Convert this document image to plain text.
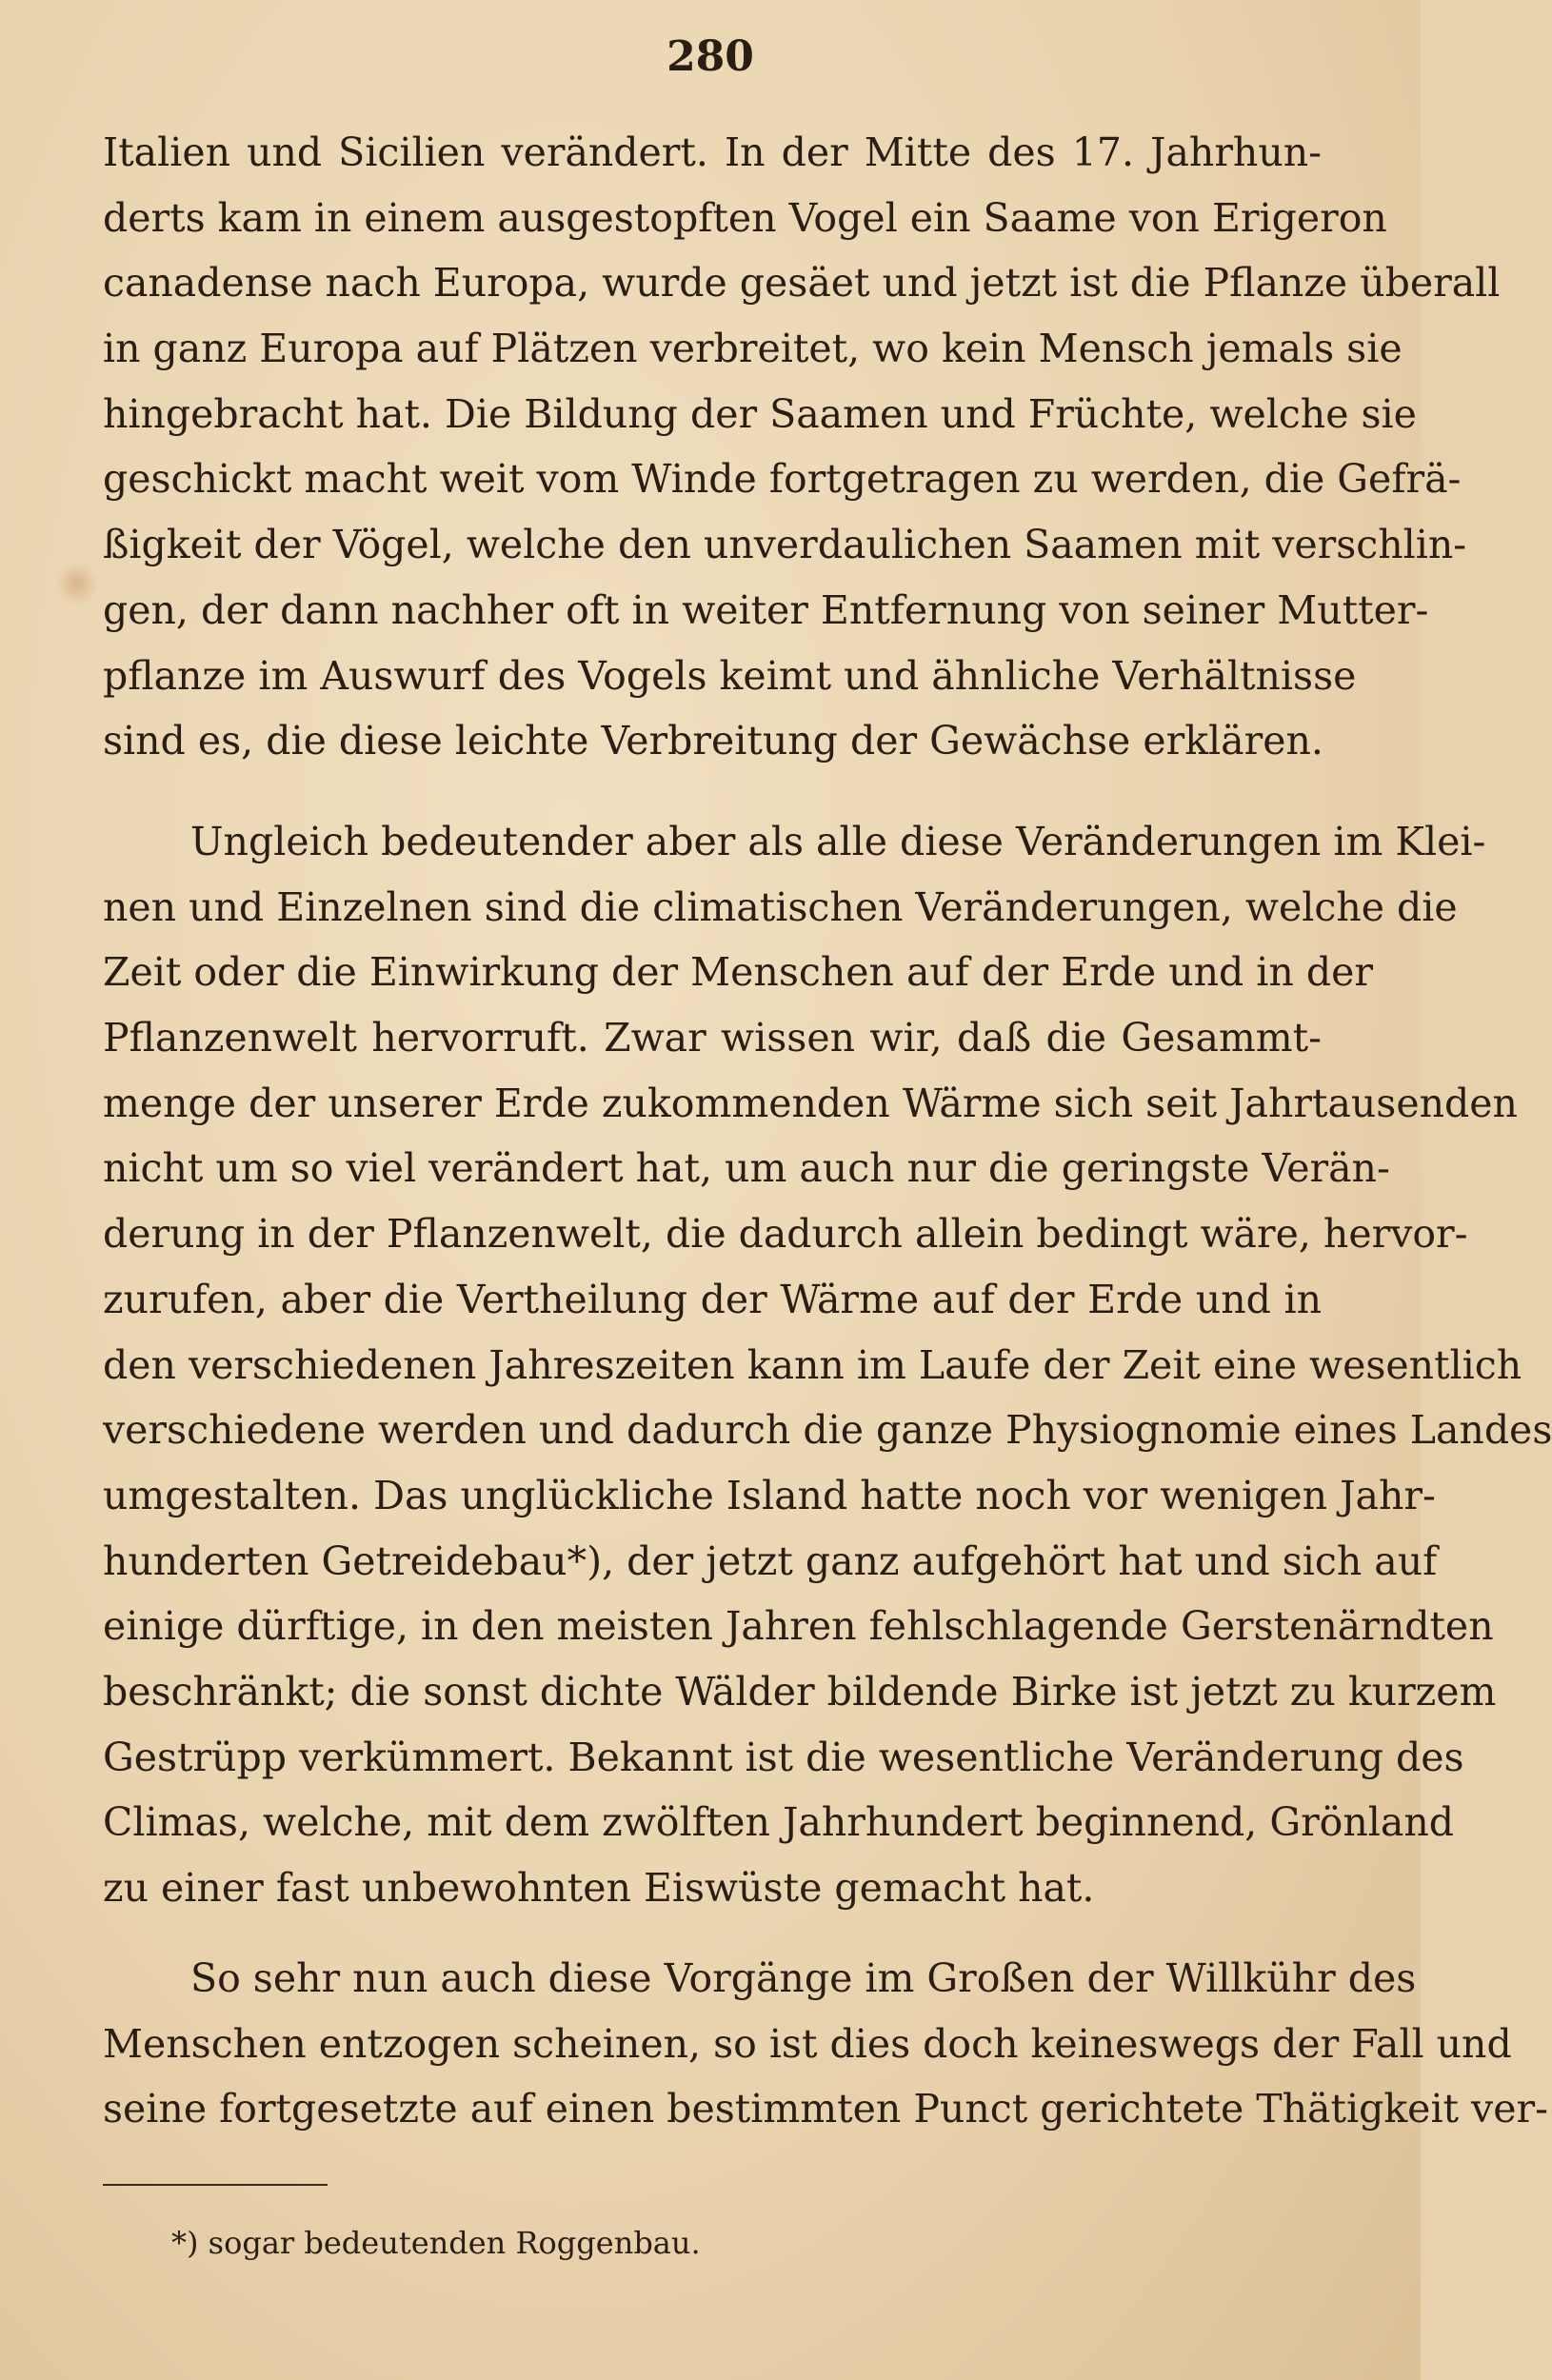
280
Italien und Sicilien verändert. In der Mitte des 17. Jahrhun-
derts kam in einem ausgestopften Vogel ein Saame von Erigeron
canadense nach Europa, wurde gesäet und jetzt ist die Pflanze überall
in ganz Europa auf Plätzen verbreitet, wo kein Mensch jemals sie
hingebracht hat. Die Bildung der Saamen und Früchte, welche sie
geschickt macht weit vom Winde fortgetragen zu werden, die Gefrä-
ßigkeit der Vögel, welche den unverdaulichen Saamen mit verschlin-
gen, der dann nachher oft in weiter Entfernung von seiner Mutter-
pflanze im Auswurf des Vogels keimt und ähnliche Verhältnisse
sind es, die diese leichte Verbreitung der Gewächse erklären.
Ungleich bedeutender aber als alle diese Veränderungen im Klei-
nen und Einzelnen sind die climatischen Veränderungen, welche die
Zeit oder die Einwirkung der Menschen auf der Erde und in der
Pflanzenwelt hervorruft. Zwar wissen wir, daß die Gesammt-
menge der unserer Erde zukommenden Wärme sich seit Jahrtausenden
nicht um so viel verändert hat, um auch nur die geringste Verän-
derung in der Pflanzenwelt, die dadurch allein bedingt wäre, hervor-
zurufen, aber die Vertheilung der Wärme auf der Erde und in
den verschiedenen Jahreszeiten kann im Laufe der Zeit eine wesentlich
verschiedene werden und dadurch die ganze Physiognomie eines Landes
umgestalten. Das unglückliche Island hatte noch vor wenigen Jahr-
hunderten Getreidebau*), der jetzt ganz aufgehört hat und sich auf
einige dürftige, in den meisten Jahren fehlschlagende Gerstenärndten
beschränkt; die sonst dichte Wälder bildende Birke ist jetzt zu kurzem
Gestrüpp verkümmert. Bekannt ist die wesentliche Veränderung des
Climas, welche, mit dem zwölften Jahrhundert beginnend, Grönland
zu einer fast unbewohnten Eiswüste gemacht hat.
So sehr nun auch diese Vorgänge im Großen der Willkühr des
Menschen entzogen scheinen, so ist dies doch keineswegs der Fall und
seine fortgesetzte auf einen bestimmten Punct gerichtete Thätigkeit ver-
*) sogar bedeutenden Roggenbau.
